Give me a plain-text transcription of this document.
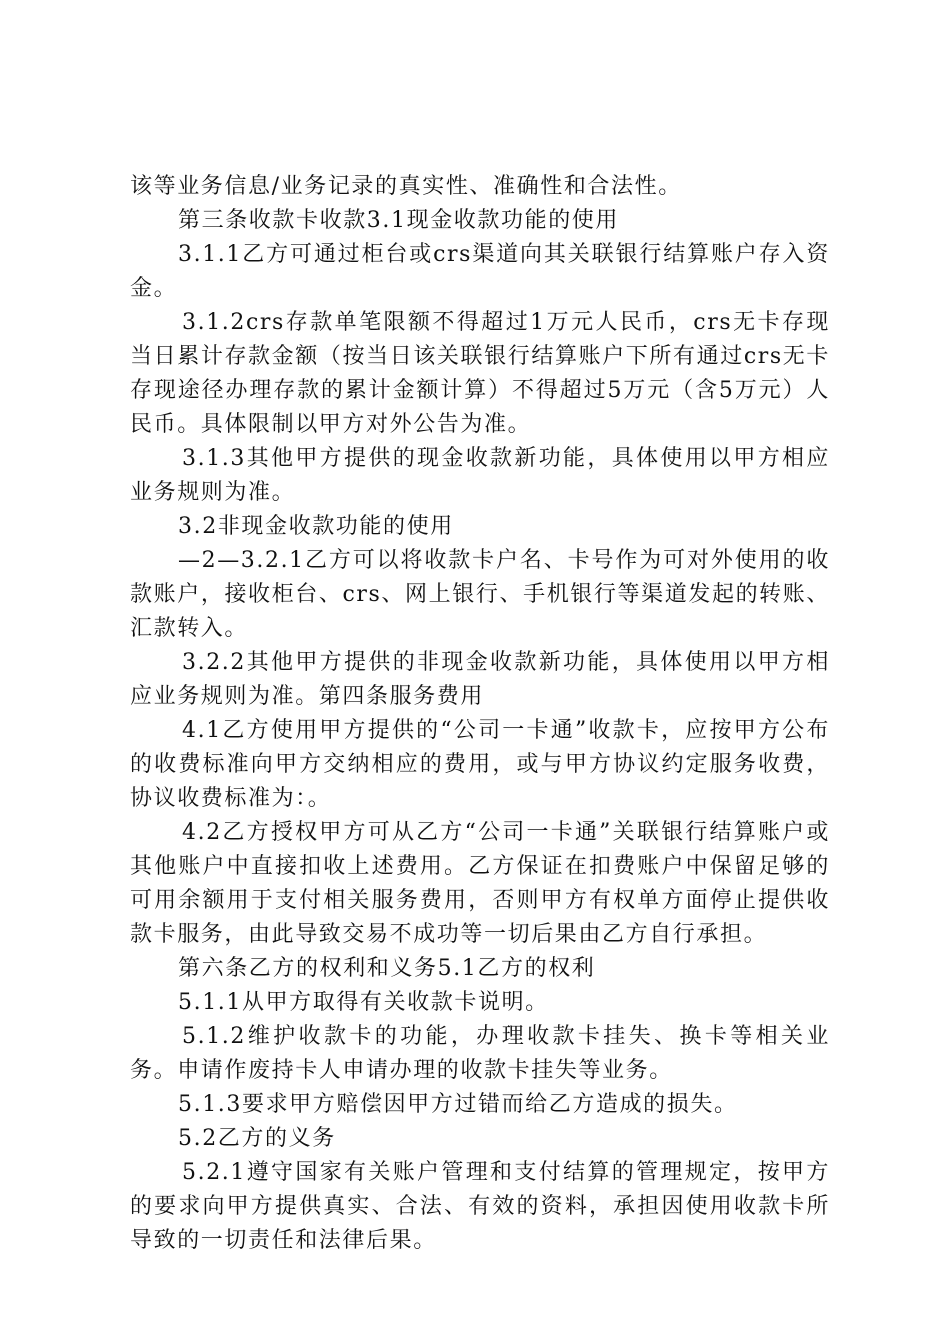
该等业务信息/业务记录的真实性、准确性和合法性。

第三条收款卡收款3.1现金收款功能的使用

3.1.1乙方可通过柜台或crs渠道向其关联银行结算账户存入资金。

3.1.2crs存款单笔限额不得超过1万元人民币，crs无卡存现当日累计存款金额（按当日该关联银行结算账户下所有通过crs无卡存现途径办理存款的累计金额计算）不得超过5万元（含5万元）人民币。具体限制以甲方对外公告为准。

3.1.3其他甲方提供的现金收款新功能，具体使用以甲方相应业务规则为准。

3.2非现金收款功能的使用

—2—3.2.1乙方可以将收款卡户名、卡号作为可对外使用的收款账户，接收柜台、crs、网上银行、手机银行等渠道发起的转账、汇款转入。

3.2.2其他甲方提供的非现金收款新功能，具体使用以甲方相应业务规则为准。第四条服务费用

4.1乙方使用甲方提供的“公司一卡通”收款卡，应按甲方公布的收费标准向甲方交纳相应的费用，或与甲方协议约定服务收费，协议收费标准为：。

4.2乙方授权甲方可从乙方“公司一卡通”关联银行结算账户或其他账户中直接扣收上述费用。乙方保证在扣费账户中保留足够的可用余额用于支付相关服务费用，否则甲方有权单方面停止提供收款卡服务，由此导致交易不成功等一切后果由乙方自行承担。

第六条乙方的权利和义务5.1乙方的权利

5.1.1从甲方取得有关收款卡说明。

5.1.2维护收款卡的功能，办理收款卡挂失、换卡等相关业务。申请作废持卡人申请办理的收款卡挂失等业务。

5.1.3要求甲方赔偿因甲方过错而给乙方造成的损失。

5.2乙方的义务

5.2.1遵守国家有关账户管理和支付结算的管理规定，按甲方的要求向甲方提供真实、合法、有效的资料，承担因使用收款卡所导致的一切责任和法律后果。
